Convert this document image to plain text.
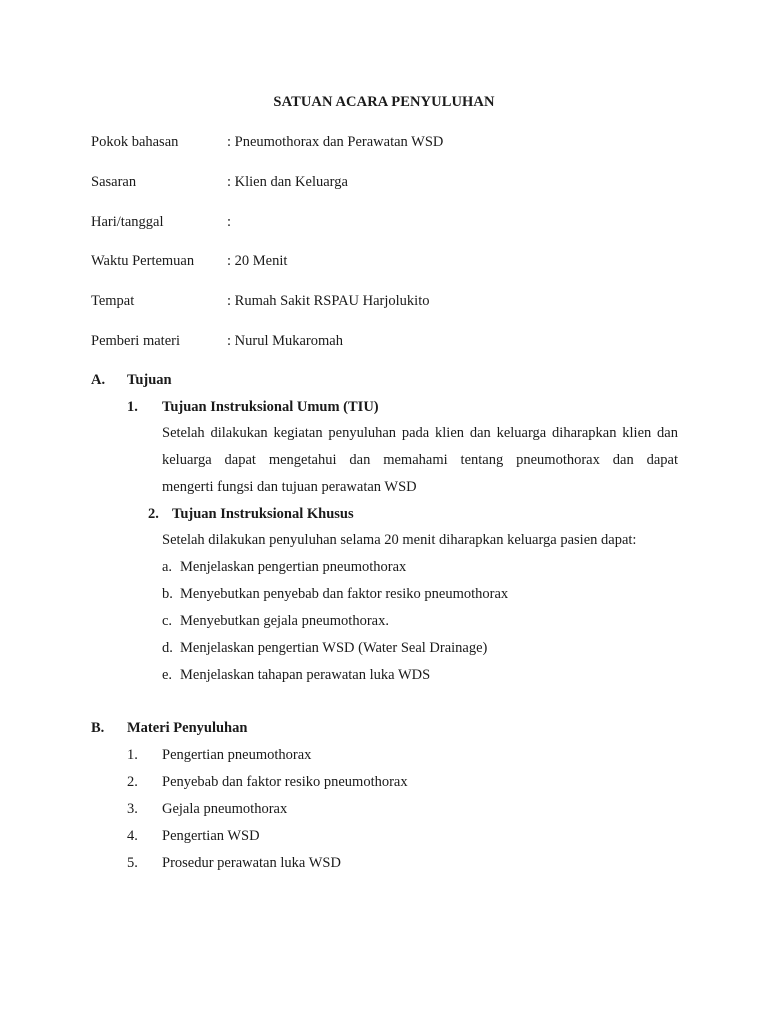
SATUAN ACARA PENYULUHAN
Pokok bahasan	: Pneumothorax dan Perawatan WSD
Sasaran	: Klien dan Keluarga
Hari/tanggal	:
Waktu Pertemuan : 20 Menit
Tempat	: Rumah Sakit RSPAU Harjolukito
Pemberi materi	: Nurul Mukaromah
A. Tujuan
1. Tujuan Instruksional Umum (TIU)
Setelah dilakukan kegiatan penyuluhan pada klien dan keluarga diharapkan klien dan
keluarga dapat mengetahui dan memahami tentang pneumothorax dan dapat
mengerti fungsi dan tujuan perawatan WSD
2. Tujuan Instruksional Khusus
Setelah dilakukan penyuluhan selama 20 menit diharapkan keluarga pasien dapat:
a. Menjelaskan pengertian pneumothorax
b. Menyebutkan penyebab dan faktor resiko pneumothorax
c. Menyebutkan gejala pneumothorax.
d. Menjelaskan pengertian WSD (Water Seal Drainage)
e. Menjelaskan tahapan perawatan luka WDS
B. Materi Penyuluhan
1. Pengertian pneumothorax
2. Penyebab dan faktor resiko pneumothorax
3. Gejala pneumothorax
4. Pengertian WSD
5. Prosedur perawatan luka WSD
